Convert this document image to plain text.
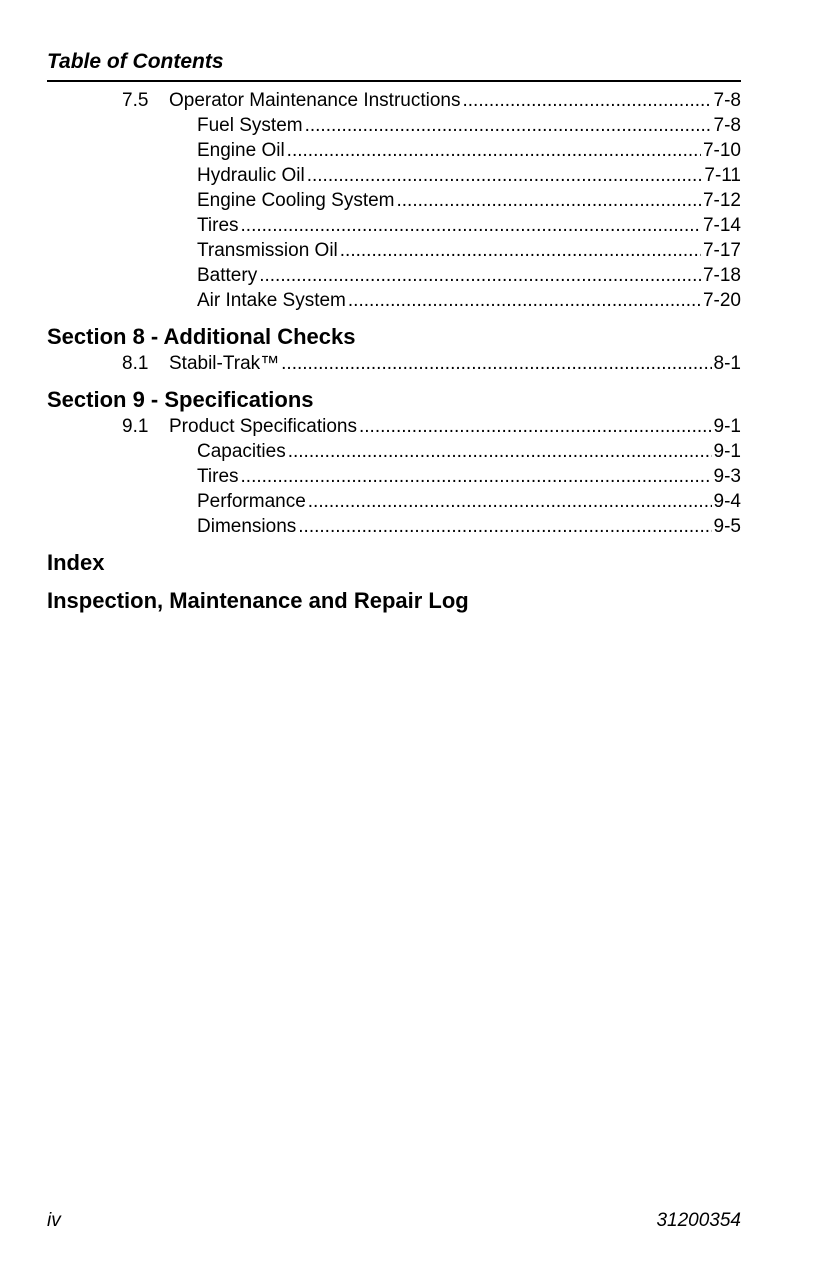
Table of Contents
7.5 Operator Maintenance Instructions .....	7-8
Fuel System .....	7-8
Engine Oil .....	7-10
Hydraulic Oil .....	7-11
Engine Cooling System .....	7-12
Tires .....	7-14
Transmission Oil .....	7-17
Battery .....	7-18
Air Intake System .....	7-20
Section 8 - Additional Checks
8.1 Stabil-Trak™ .....	8-1
Section 9 - Specifications
9.1 Product Specifications .....	9-1
Capacities .....	9-1
Tires .....	9-3
Performance .....	9-4
Dimensions .....	9-5
Index
Inspection, Maintenance and Repair Log
iv	31200354
